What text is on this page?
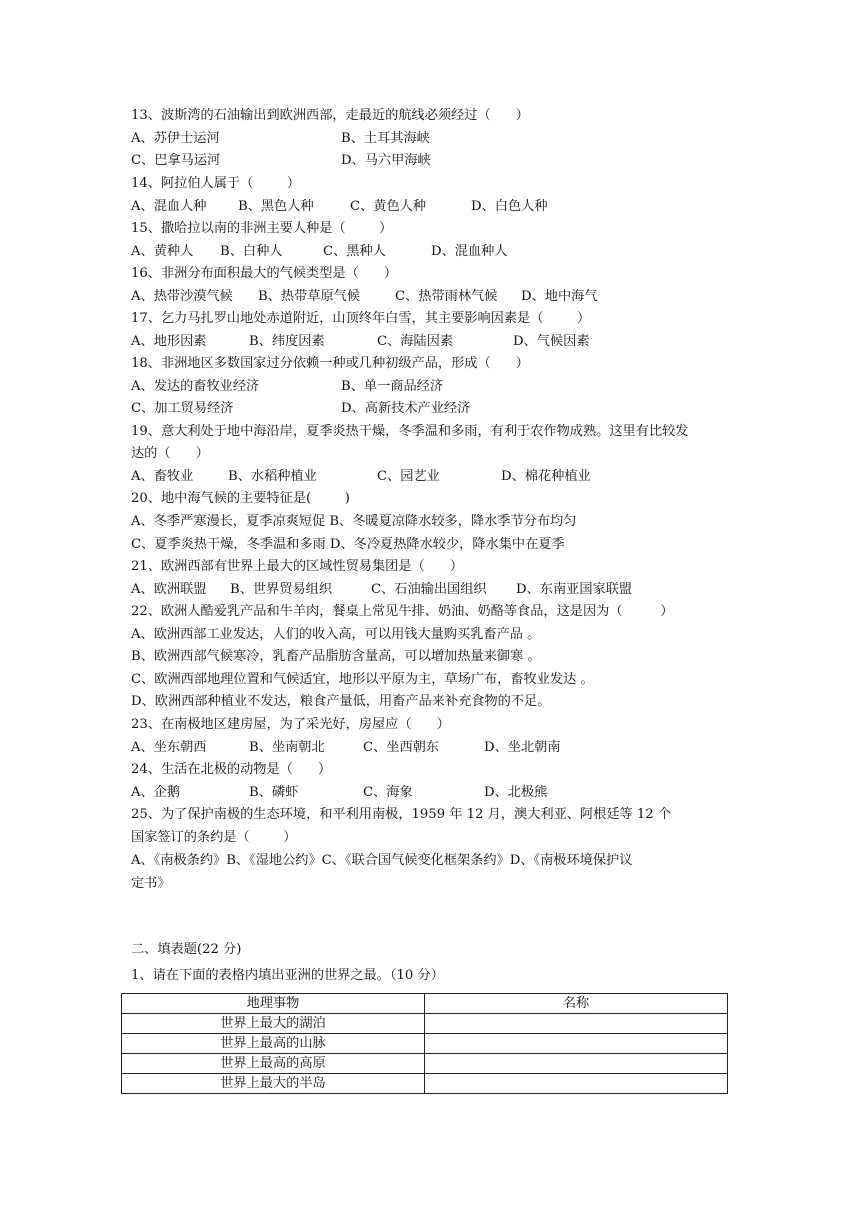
13、波斯湾的石油输出到欧洲西部，走最近的航线必须经过（      ）

A、苏伊士运河

	B、土耳其海峡

C、巴拿马运河

	D、马六甲海峡

14、阿拉伯人属于（        ）

A、混血人种

B、黑色人种

	C、黄色人种

	D、白色人种

15、撒哈拉以南的非洲主要人种是（        ）

A、黄种人

B、白种人

	C、黑种人

	D、混血种人

16、非洲分布面积最大的气候类型是（      ）

A、热带沙漠气候

B、热带草原气候

	C、热带雨林气候

D、地中海气

17、乞力马扎罗山地处赤道附近，山顶终年白雪，其主要影响因素是（        ）

A、地形因素

	B、纬度因素

	C、海陆因素

	D、气候因素

18、非洲地区多数国家过分依赖一种或几种初级产品，形成（      ）

A、发达的畜牧业经济

	B、单一商品经济

C、加工贸易经济

	D、高新技术产业经济

19、意大利处于地中海沿岸，夏季炎热干燥，冬季温和多雨，有利于农作物成熟。这里有比较发
达的（      ）

A、畜牧业

	B、水稻种植业

	C、园艺业

	D、棉花种植业

20、地中海气候的主要特征是(        )
A、冬季严寒漫长，夏季凉爽短促 B、冬暖夏凉降水较多，降水季节分布均匀
C、夏季炎热干燥，冬季温和多雨 D、冬冷夏热降水较少，降水集中在夏季
21、欧洲西部有世界上最大的区域性贸易集团是（      ）

A、欧洲联盟

B、世界贸易组织

	C、石油输出国组织

D、东南亚国家联盟

22、欧洲人酷爱乳产品和牛羊肉，餐桌上常见牛排、奶油、奶酪等食品，这是因为（         ）
A、欧洲西部工业发达，人们的收入高，可以用钱大量购买乳畜产品 。
B、欧洲西部气候寒冷，乳畜产品脂肪含量高，可以增加热量来御寒 。
C、欧洲西部地理位置和气候适宜，地形以平原为主，草场广布，畜牧业发达 。
D、欧洲西部种植业不发达，粮食产量低，用畜产品来补充食物的不足。
23、在南极地区建房屋，为了采光好，房屋应（      ）

A、坐东朝西

	B、坐南朝北

	C、坐西朝东

	D、坐北朝南

24、生活在北极的动物是（      ）

A、企鹅

	B、磷虾

	C、海象

	D、北极熊

25、为了保护南极的生态环境，和平利用南极，1959 年 12 月，澳大利亚、阿根廷等 12 个
国家签订的条约是（        ）
A、《南极条约》B、《湿地公约》C、《联合国气候变化框架条约》D、《南极环境保护议
定书》
二、填表题(22 分)
1、请在下面的表格内填出亚洲的世界之最。（10 分）
地理事物	名称
世界上最大的湖泊	
世界上最高的山脉	
世界上最高的高原	
世界上最大的半岛	
